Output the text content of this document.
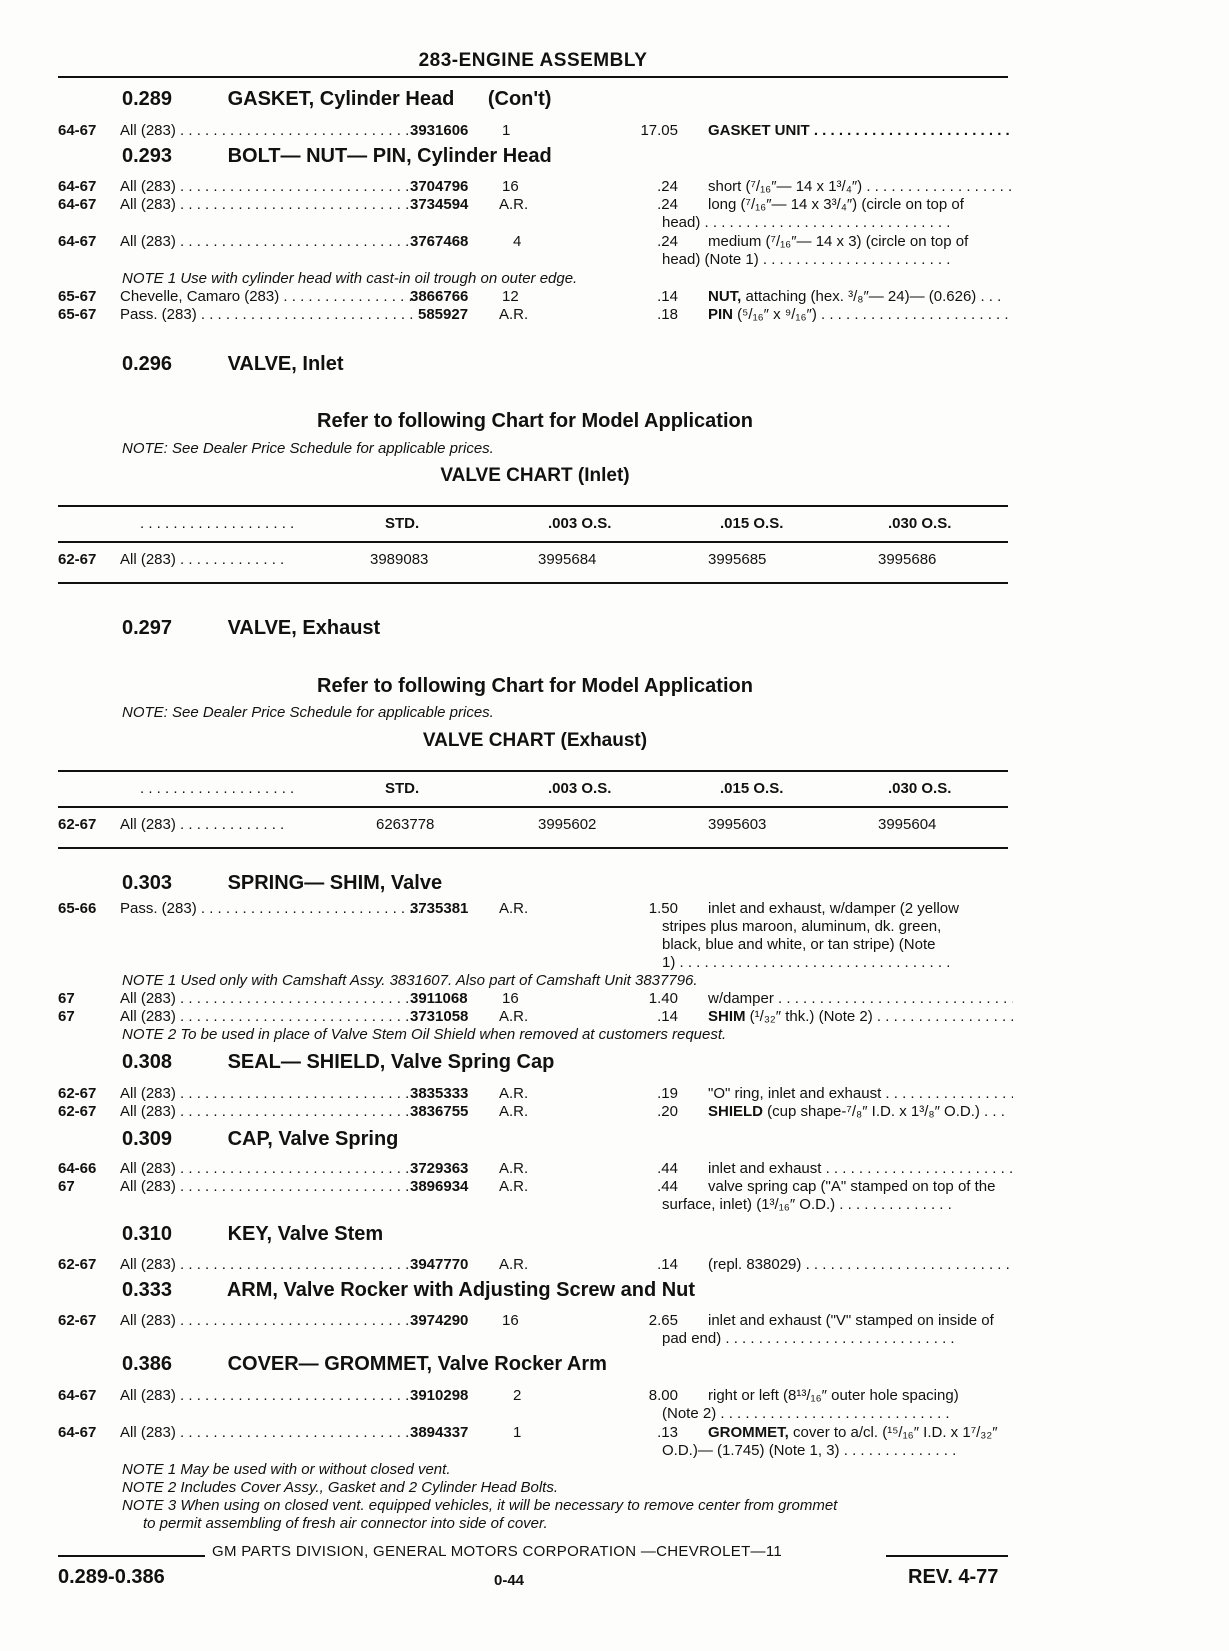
283-ENGINE ASSEMBLY
0.289	GASKET, Cylinder Head (Con't)
64-67 All (283) . . .	3931606 1	17.05 GASKET UNIT . . .
0.293	BOLT— NUT— PIN, Cylinder Head
64-67 All (283) . . .	3704796 16	.24 short (⁷/₁₆″— 14 x 1³/₄″) . . .
64-67 All (283) . . .	3734594 A.R.	.24 long (⁷/₁₆″— 14 x 3³/₄″) (circle on top of
head) . . .
64-67 All (283) . . .	3767468	4	.24 medium (⁷/₁₆″— 14 x 3) (circle on top of
head) (Note 1) . . .
NOTE 1 Use with cylinder head with cast-in oil trough on outer edge.
65-67 Chevelle, Camaro (283) . . .	3866766 12	.14 NUT, attaching (hex. ³/₈″— 24)— (0.626) . . .
65-67 Pass. (283) . . .	585927 A.R.	.18 PIN (⁵/₁₆″ x ⁹/₁₆″) . . .
0.296	VALVE, Inlet
Refer to following Chart for Model Application
NOTE: See Dealer Price Schedule for applicable prices.
VALVE CHART (Inlet)
. . . . . . . . . . . . . . . . . . .	STD.	.003 O.S.	.015 O.S.	.030 O.S.
62-67 All (283) . . . . . . . . . . . . .	3989083	3995684	3995685	3995686
0.297	VALVE, Exhaust
Refer to following Chart for Model Application
NOTE: See Dealer Price Schedule for applicable prices.
VALVE CHART (Exhaust)
. . . . . . . . . . . . . . . . . . .	STD.	.003 O.S.	.015 O.S.	.030 O.S.
62-67 All (283) . . . . . . . . . . . . .	6263778	3995602	3995603	3995604
0.303	SPRING— SHIM, Valve
65-66 Pass. (283) . . .	3735381 A.R.	1.50 inlet and exhaust, w/damper (2 yellow
stripes plus maroon, aluminum, dk. green,
black, blue and white, or tan stripe) (Note
1) . . .
NOTE 1 Used only with Camshaft Assy. 3831607. Also part of Camshaft Unit 3837796.
67	All (283) . . .	3911068 16	1.40 w/damper . . .
67	All (283) . . .	3731058 A.R.	.14 SHIM (¹/₃₂″ thk.) (Note 2) . . .
NOTE 2 To be used in place of Valve Stem Oil Shield when removed at customers request.
0.308	SEAL— SHIELD, Valve Spring Cap
62-67 All (283) . . .	3835333 A.R.	.19 "O" ring, inlet and exhaust . . .
62-67 All (283) . . .	3836755 A.R.	.20 SHIELD (cup shape-⁷/₈″ I.D. x 1³/₈″ O.D.) . . .
0.309	CAP, Valve Spring
64-66 All (283) . . .	3729363 A.R.	.44 inlet and exhaust . . .
67	All (283) . . .	3896934 A.R.	.44 valve spring cap ("A" stamped on top of the
surface, inlet) (1³/₁₆″ O.D.) . . .
0.310	KEY, Valve Stem
62-67 All (283) . . .	3947770 A.R.	.14 (repl. 838029) . . .
0.333	ARM, Valve Rocker with Adjusting Screw and Nut
62-67 All (283) . . .	3974290 16	2.65 inlet and exhaust ("V" stamped on inside of
pad end) . . .
0.386	COVER— GROMMET, Valve Rocker Arm
64-67 All (283) . . .	3910298	2	8.00 right or left (8¹³/₁₆″ outer hole spacing)
(Note 2) . . .
64-67 All (283) . . .	3894337	1	.13 GROMMET, cover to a/cl. (¹⁵/₁₆″ I.D. x 1⁷/₃₂″
O.D.)— (1.745) (Note 1, 3) . . .
NOTE 1 May be used with or without closed vent.
NOTE 2 Includes Cover Assy., Gasket and 2 Cylinder Head Bolts.
NOTE 3 When using on closed vent. equipped vehicles, it will be necessary to remove center from grommet
to permit assembling of fresh air connector into side of cover.
GM PARTS DIVISION, GENERAL MOTORS CORPORATION —CHEVROLET—11
0.289-0.386	0-44	REV. 4-77
